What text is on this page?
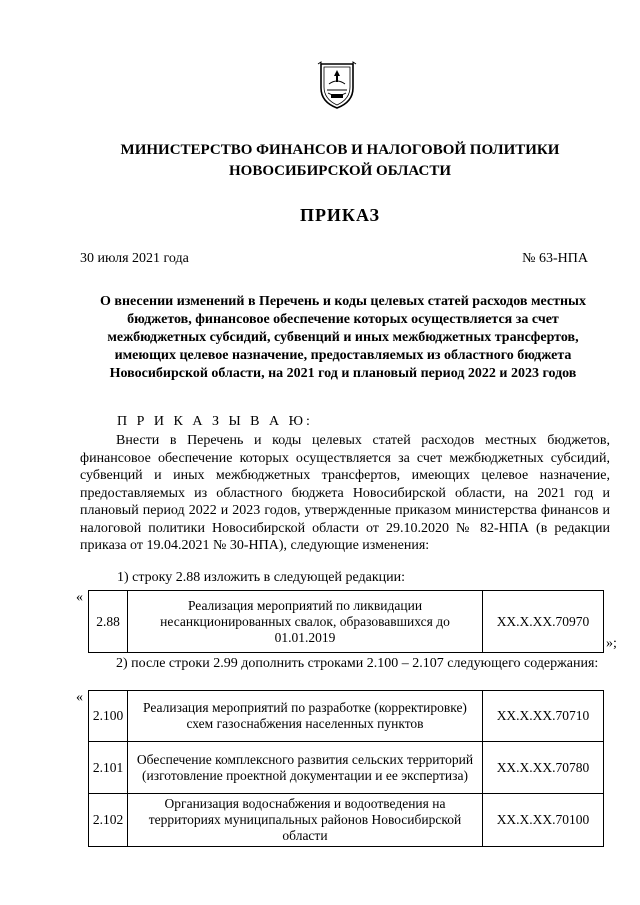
МИНИСТЕРСТВО ФИНАНСОВ И НАЛОГОВОЙ ПОЛИТИКИ
НОВОСИБИРСКОЙ ОБЛАСТИ
ПРИКАЗ
30 июля 2021 года	№ 63-НПА
О внесении изменений в Перечень и коды целевых статей расходов местных бюджетов, финансовое обеспечение которых осуществляется за счет межбюджетных субсидий, субвенций и иных межбюджетных трансфертов, имеющих целевое назначение, предоставляемых из областного бюджета Новосибирской области, на 2021 год и плановый период 2022 и 2023 годов
П Р И К А З Ы В А Ю:

Внести в Перечень и коды целевых статей расходов местных бюджетов, финансовое обеспечение которых осуществляется за счет межбюджетных субсидий, субвенций и иных межбюджетных трансфертов, имеющих целевое назначение, предоставляемых из областного бюджета Новосибирской области, на 2021 год и плановый период 2022 и 2023 годов, утвержденные приказом министерства финансов и налоговой политики Новосибирской области от 29.10.2020 № 82-НПА (в редакции приказа от 19.04.2021 № 30-НПА), следующие изменения:

1) строку 2.88 изложить в следующей редакции:
«
2.88	Реализация мероприятий по ликвидации несанкционированных свалок, образовавшихся до 01.01.2019	ХХ.Х.ХХ.70970
»;

2) после строки 2.99 дополнить строками 2.100 – 2.107 следующего содержания:

«
2.100	Реализация мероприятий по разработке (корректировке) схем газоснабжения населенных пунктов	ХХ.Х.ХХ.70710
2.101	Обеспечение комплексного развития сельских территорий (изготовление проектной документации и ее экспертиза)	ХХ.Х.ХХ.70780
2.102	Организация водоснабжения и водоотведения на территориях муниципальных районов Новосибирской области	ХХ.Х.ХХ.70100
